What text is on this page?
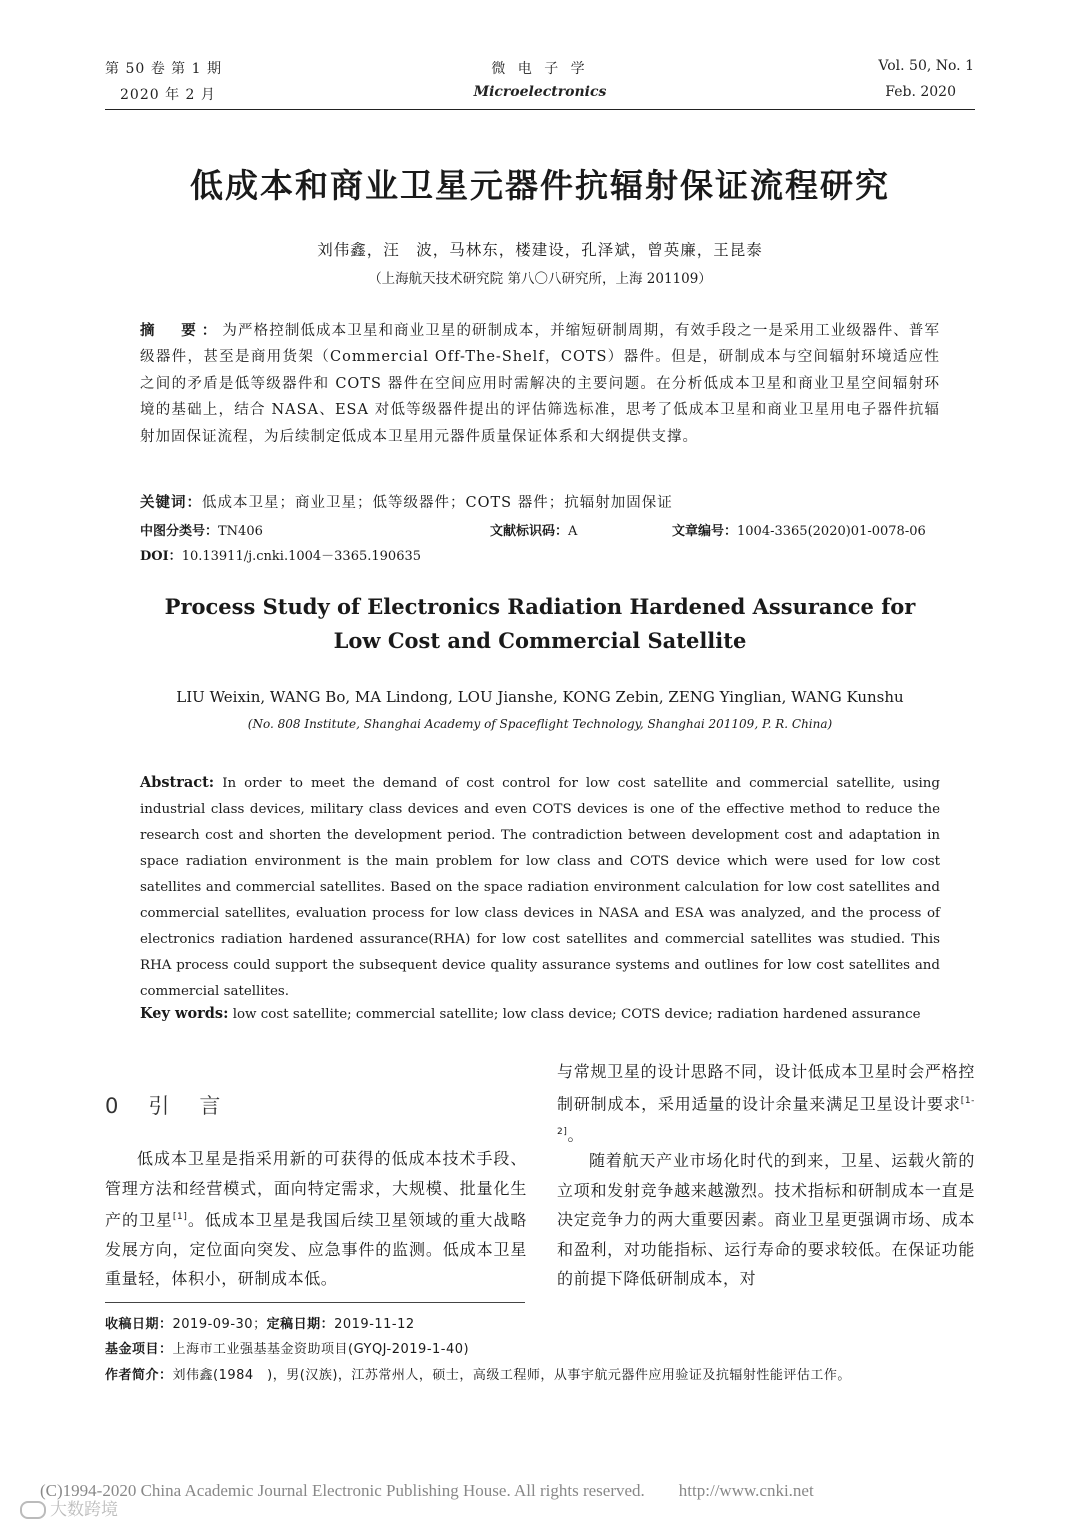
第 50 卷 第 1 期
2020 年 2 月
微 电 子 学
Microelectronics
Vol. 50, No. 1
Feb. 2020
低成本和商业卫星元器件抗辐射保证流程研究
刘伟鑫，汪　波，马林东，楼建设，孔泽斌，曾英廉，王昆泰
（上海航天技术研究院 第八〇八研究所，上海 201109）
摘　要：为严格控制低成本卫星和商业卫星的研制成本，并缩短研制周期，有效手段之一是采用工业级器件、普军级器件，甚至是商用货架（Commercial Off-The-Shelf，COTS）器件。但是，研制成本与空间辐射环境适应性之间的矛盾是低等级器件和 COTS 器件在空间应用时需解决的主要问题。在分析低成本卫星和商业卫星空间辐射环境的基础上，结合 NASA、ESA 对低等级器件提出的评估筛选标准，思考了低成本卫星和商业卫星用电子器件抗辐射加固保证流程，为后续制定低成本卫星用元器件质量保证体系和大纲提供支撑。
关键词：低成本卫星；商业卫星；低等级器件；COTS 器件；抗辐射加固保证
中图分类号：TN406	文献标识码：A	文章编号：1004-3365(2020)01-0078-06
DOI：10.13911/j.cnki.1004－3365.190635
Process Study of Electronics Radiation Hardened Assurance for
Low Cost and Commercial Satellite
LIU Weixin, WANG Bo, MA Lindong, LOU Jianshe, KONG Zebin, ZENG Yinglian, WANG Kunshu
(No. 808 Institute, Shanghai Academy of Spaceflight Technology, Shanghai 201109, P. R. China)
Abstract: In order to meet the demand of cost control for low cost satellite and commercial satellite, using industrial class devices, military class devices and even COTS devices is one of the effective method to reduce the research cost and shorten the development period. The contradiction between development cost and adaptation in space radiation environment is the main problem for low class and COTS device which were used for low cost satellites and commercial satellites. Based on the space radiation environment calculation for low cost satellites and commercial satellites, evaluation process for low class devices in NASA and ESA was analyzed, and the process of electronics radiation hardened assurance(RHA) for low cost satellites and commercial satellites was studied. This RHA process could support the subsequent device quality assurance systems and outlines for low cost satellites and commercial satellites.
Key words: low cost satellite; commercial satellite; low class device; COTS device; radiation hardened assurance
0引言
低成本卫星是指采用新的可获得的低成本技术手段、管理方法和经营模式，面向特定需求，大规模、批量化生产的卫星[1]。低成本卫星是我国后续卫星领域的重大战略发展方向，定位面向突发、应急事件的监测。低成本卫星重量轻，体积小，研制成本低。
与常规卫星的设计思路不同，设计低成本卫星时会严格控制研制成本，采用适量的设计余量来满足卫星设计要求[1-2]。
随着航天产业市场化时代的到来，卫星、运载火箭的立项和发射竞争越来越激烈。技术指标和研制成本一直是决定竞争力的两大重要因素。商业卫星更强调市场、成本和盈利，对功能指标、运行寿命的要求较低。在保证功能的前提下降低研制成本，对
收稿日期：2019-09-30；定稿日期：2019-11-12
基金项目：上海市工业强基基金资助项目(GYQJ-2019-1-40)
作者简介：刘伟鑫(1984　)，男(汉族)，江苏常州人，硕士，高级工程师，从事宇航元器件应用验证及抗辐射性能评估工作。
(C)1994-2020 China Academic Journal Electronic Publishing House. All rights reserved.　　http://www.cnki.net
大数跨境
